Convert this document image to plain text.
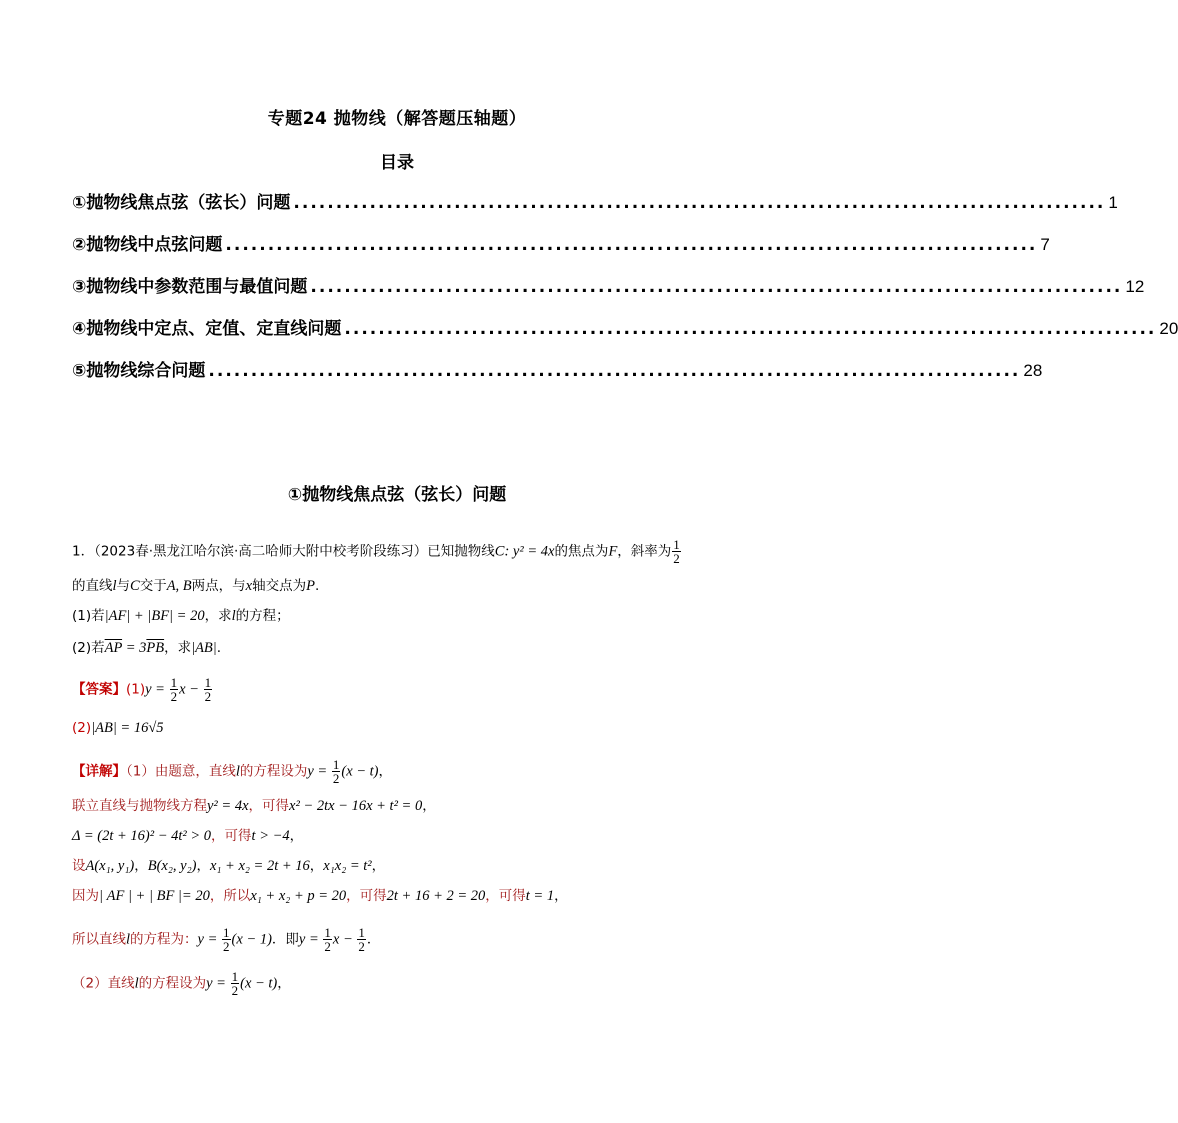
专题24 抛物线（解答题压轴题）
目录
①抛物线焦点弦（弦长）问题 ................................................................................................ 1
②抛物线中点弦问题 ................................................................................................ 7
③抛物线中参数范围与最值问题 ................................................................................................ 12
④抛物线中定点、定值、定直线问题 ................................................................................................ 20
⑤抛物线综合问题 ................................................................................................ 28
①抛物线焦点弦（弦长）问题
1．（2023春·黑龙江哈尔滨·高二哈师大附中校考阶段练习）已知抛物线C: y² = 4x的焦点为F，斜率为 $\frac{1}{2}$
的直线l与C交于A, B两点，与x轴交点为P.
(1)若|AF| + |BF| = 20，求l的方程；
(2)若$\overline{AP} = 3\overline{PB}$，求|AB|.
【答案】$(1)y = \frac{1}{2}$ $x - \frac{1}{2}$
(2)|AB| = 16√5
【详解】（1）由题意，直线l的方程设为$y = \frac{1}{2} (x - t)$，
联立直线与抛物线方程y² = 4x，可得x² − 2tx − 16x + t² = 0，
Δ = (2t + 16)² − 4t² > 0，可得t > −4，
设A(x₁, y₁)，B(x₂, y₂)，x₁ + x₂ = 2t + 16，x₁x₂ = t²，
因为| AF | + | BF |= 20，所以x₁ + x₂ + p = 20，可得2t + 16 + 2 = 20，可得t = 1，
所以直线l的方程为：$y = \frac{1}{2} (x - 1)$．即$y = \frac{1}{2}$ $x - \frac{1}{2}$ ．
（2）直线l的方程设为$y = \frac{1}{2} (x - t)$，
